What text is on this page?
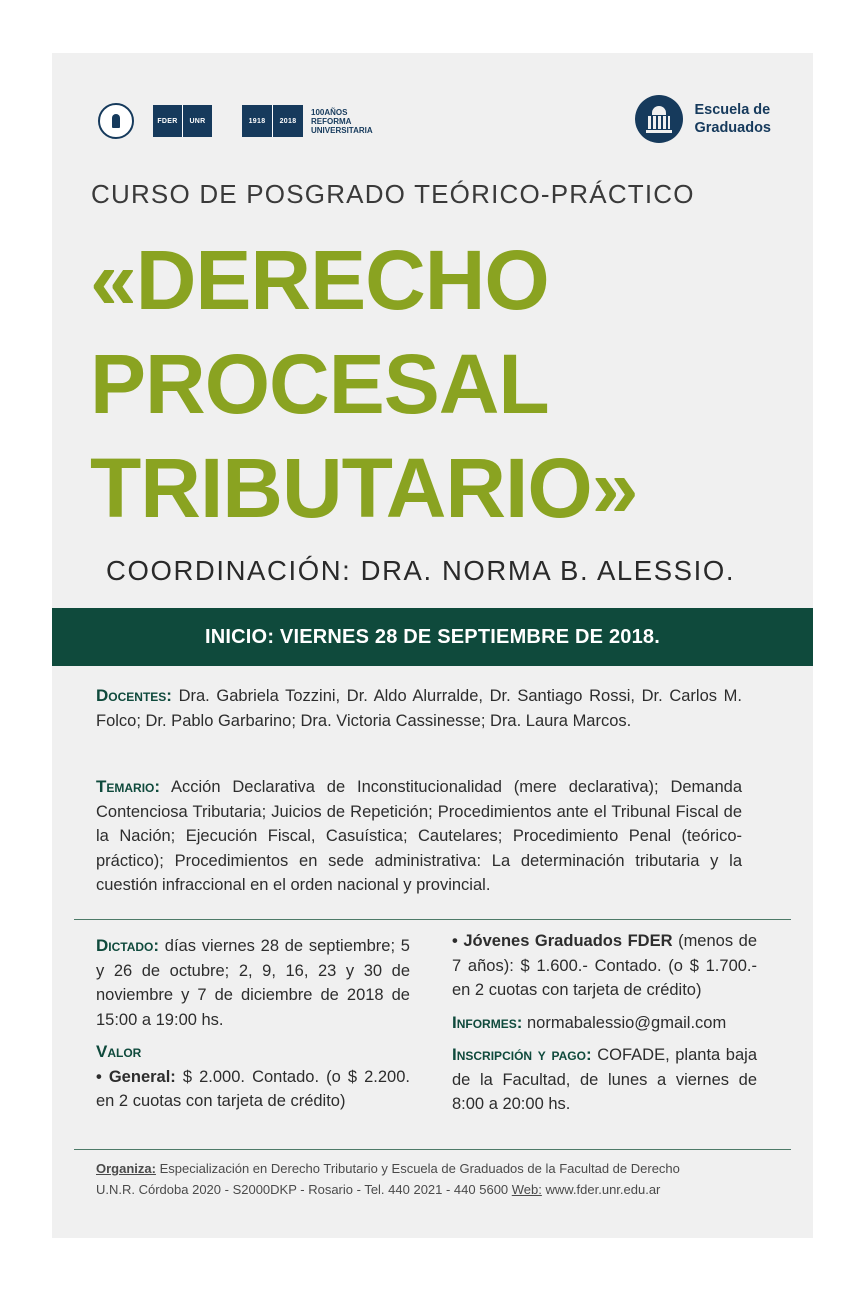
FDER	UNR	1918	2018
100AÑOS
REFORMA
UNIVERSITARIA
Escuela de
Graduados
CURSO DE POSGRADO TEÓRICO-PRÁCTICO
«DERECHO
PROCESAL
TRIBUTARIO»
COORDINACIÓN: DRA. NORMA B. ALESSIO.
INICIO: VIERNES 28 DE SEPTIEMBRE DE 2018.
Docentes: Dra. Gabriela Tozzini, Dr. Aldo Alurralde, Dr. Santiago Rossi, Dr. Carlos M. Folco; Dr. Pablo Garbarino; Dra. Victoria Cassinesse; Dra. Laura Marcos.
Temario: Acción Declarativa de Inconstitucionalidad (mere declarativa); Demanda Contenciosa Tributaria; Juicios de Repetición; Procedimientos ante el Tribunal Fiscal de la Nación; Ejecución Fiscal, Casuística; Cautelares; Procedimiento Penal (teórico-práctico); Procedimientos en sede administrativa: La determinación tributaria y la cuestión infraccional en el orden nacional y provincial.

Dictado: días viernes 28 de septiembre; 5 y 26 de octubre; 2, 9, 16, 23 y 30 de noviembre y 7 de diciembre de 2018 de 15:00 a 19:00 hs.

Valor

• General: $ 2.000. Contado. (o $ 2.200. en 2 cuotas con tarjeta de crédito)

• Jóvenes Graduados FDER (menos de 7 años): $ 1.600.- Contado. (o $ 1.700.- en 2 cuotas con tarjeta de crédito)

Informes: normabalessio@gmail.com

Inscripción y pago: COFADE, planta baja de la Facultad, de lunes a viernes de 8:00 a 20:00 hs.

Organiza: Especialización en Derecho Tributario y Escuela de Graduados de la Facultad de Derecho
U.N.R. Córdoba 2020 - S2000DKP - Rosario - Tel. 440 2021 - 440 5600 Web: www.fder.unr.edu.ar
